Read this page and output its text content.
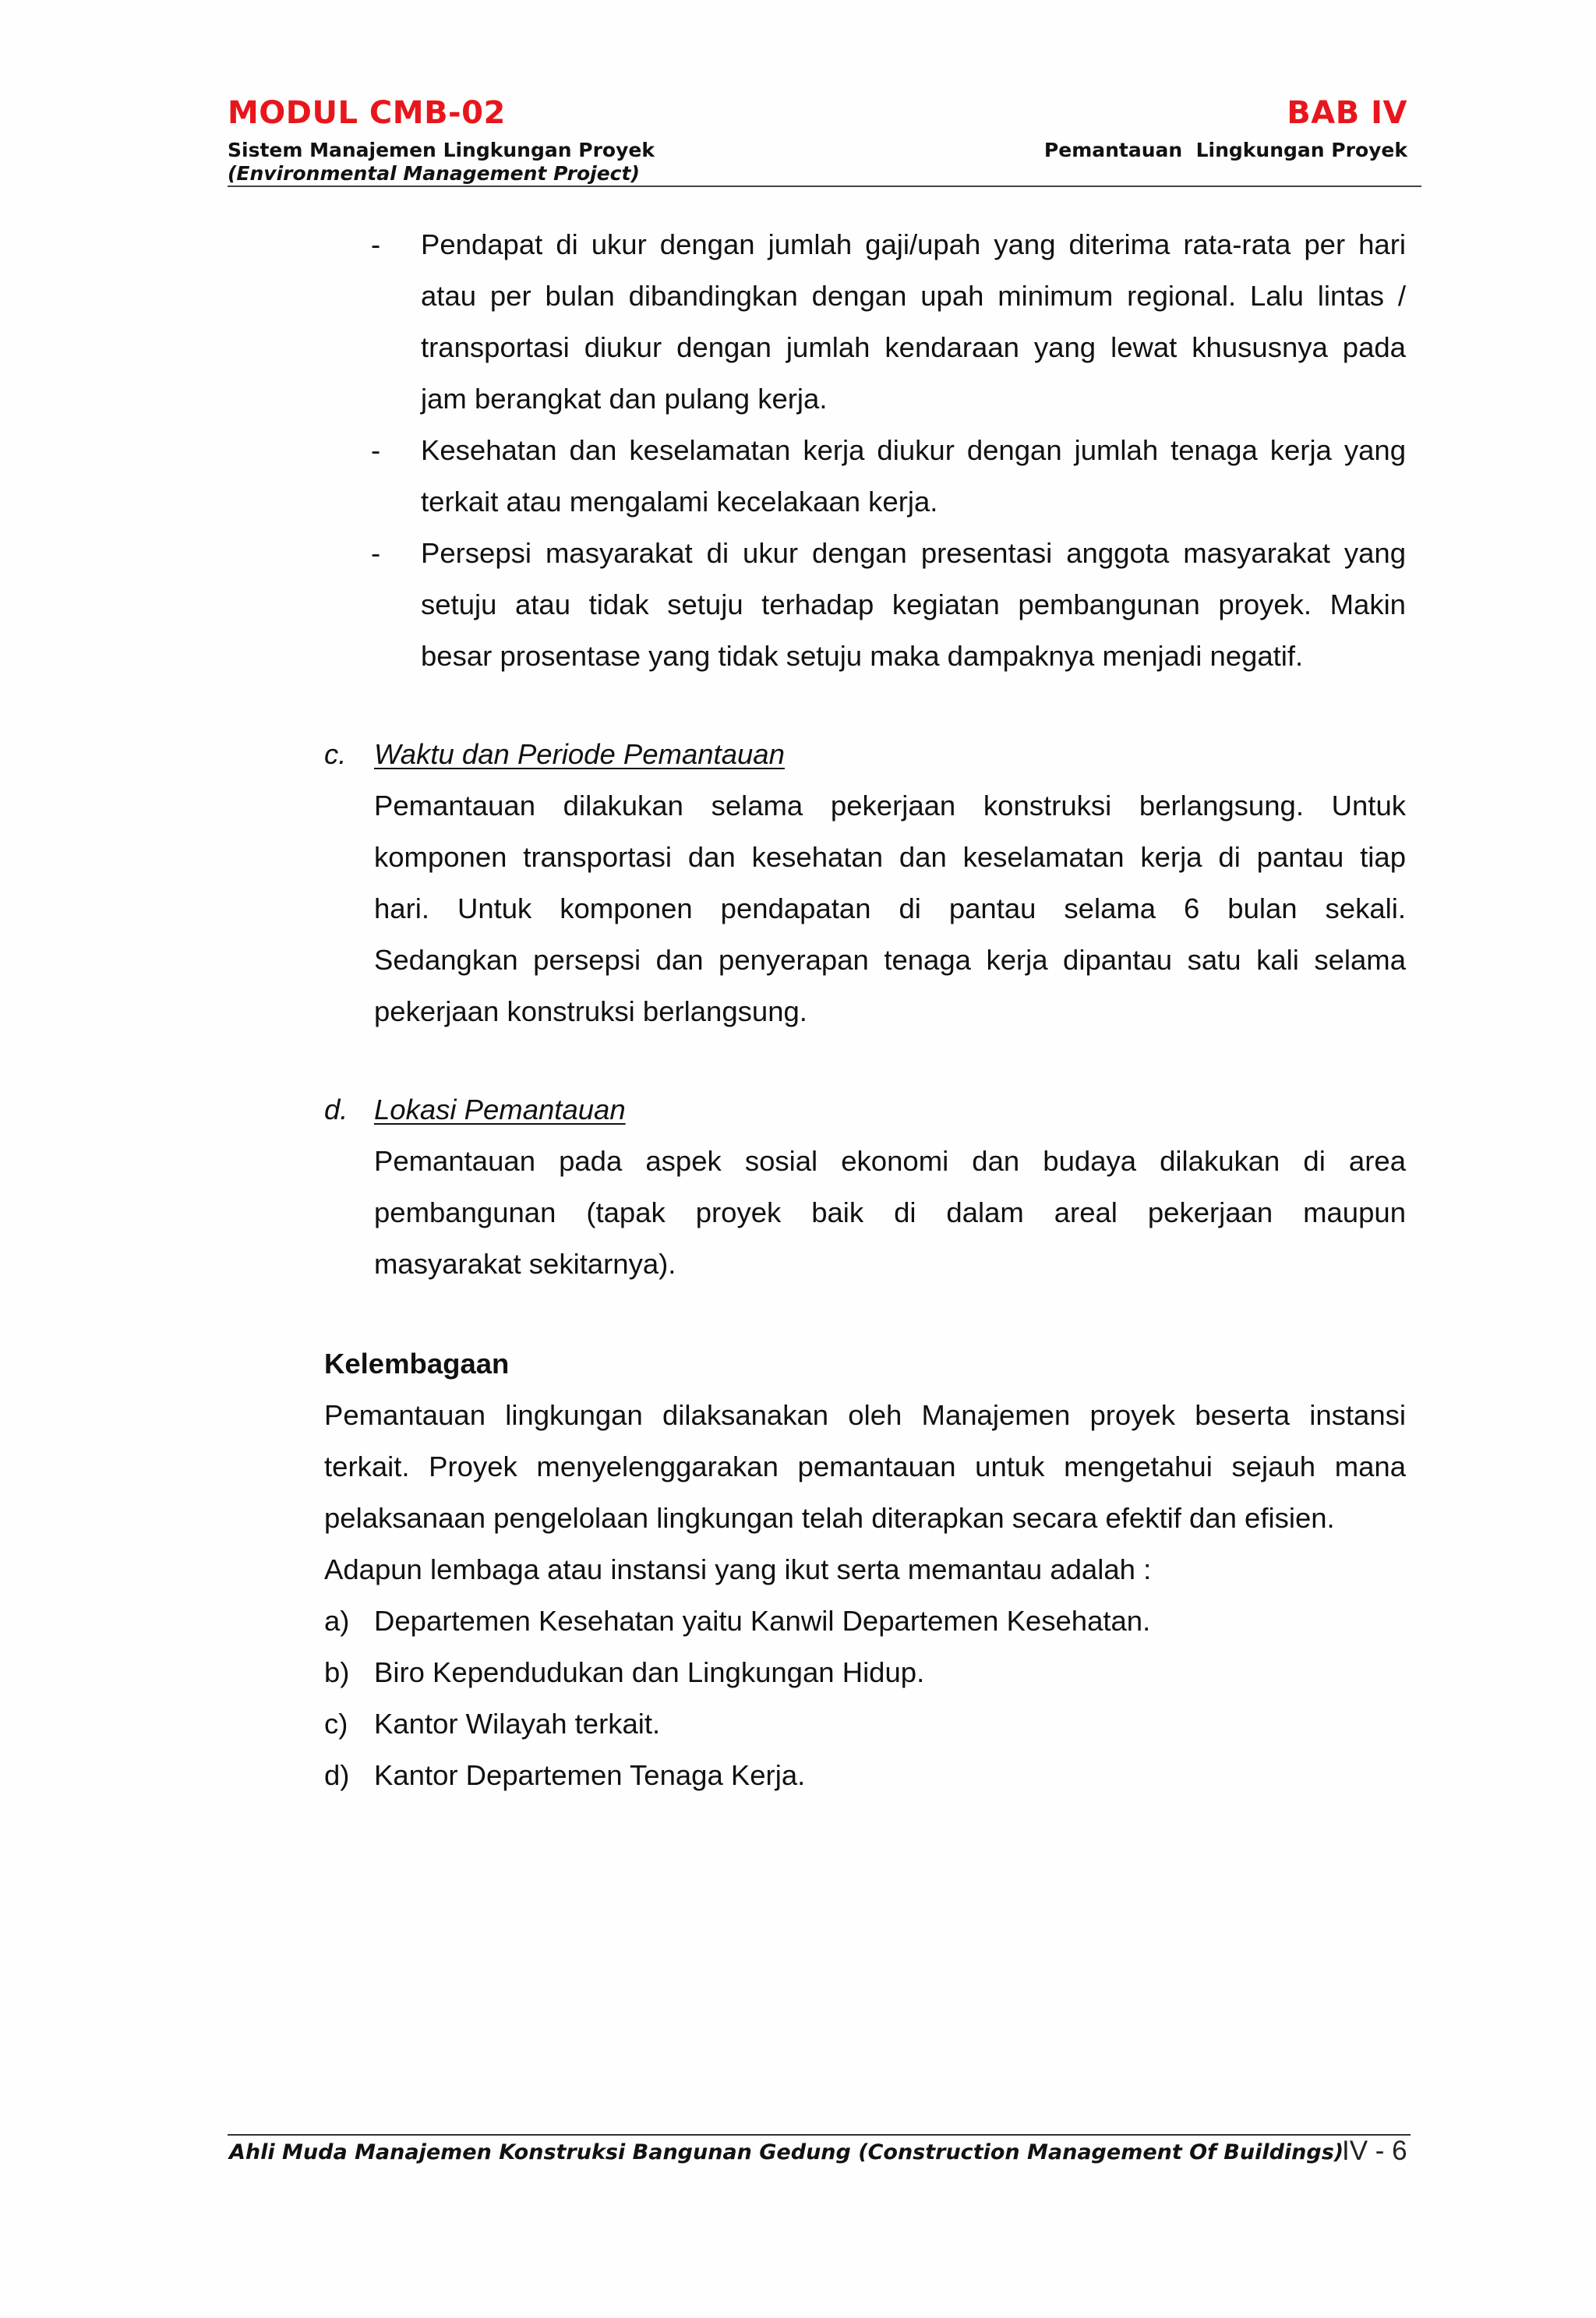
MODUL CMB-02
Sistem Manajemen Lingkungan Proyek
(Environmental Management Project)
BAB IV
Pemantauan  Lingkungan Proyek
- Pendapat di ukur dengan jumlah gaji/upah yang diterima rata-rata per hari
atau per bulan dibandingkan dengan upah minimum regional. Lalu lintas /
transportasi diukur dengan jumlah kendaraan yang lewat khususnya pada
jam berangkat dan pulang kerja.
- Kesehatan dan keselamatan kerja diukur dengan jumlah tenaga kerja yang
terkait atau mengalami kecelakaan kerja.
- Persepsi masyarakat di ukur dengan presentasi anggota masyarakat yang
setuju atau tidak setuju terhadap kegiatan pembangunan proyek. Makin
besar prosentase yang tidak setuju maka dampaknya menjadi negatif.
c. Waktu dan Periode Pemantauan
Pemantauan dilakukan selama pekerjaan konstruksi berlangsung. Untuk
komponen transportasi dan kesehatan dan keselamatan kerja di pantau tiap
hari. Untuk komponen pendapatan di pantau selama 6 bulan sekali.
Sedangkan persepsi dan penyerapan tenaga kerja dipantau satu kali selama
pekerjaan konstruksi berlangsung.
d. Lokasi Pemantauan
Pemantauan pada aspek sosial ekonomi dan budaya dilakukan di area
pembangunan (tapak proyek baik di dalam areal pekerjaan maupun
masyarakat sekitarnya).
Kelembagaan
Pemantauan lingkungan dilaksanakan oleh Manajemen proyek beserta instansi
terkait. Proyek menyelenggarakan pemantauan untuk mengetahui sejauh mana
pelaksanaan pengelolaan lingkungan telah diterapkan secara efektif dan efisien.
Adapun lembaga atau instansi yang ikut serta memantau adalah :
a) Departemen Kesehatan yaitu Kanwil Departemen Kesehatan.
b) Biro Kependudukan dan Lingkungan Hidup.
c) Kantor Wilayah terkait.
d) Kantor Departemen Tenaga Kerja.
Ahli Muda Manajemen Konstruksi Bangunan Gedung (Construction Management Of Buildings)
IV - 6
